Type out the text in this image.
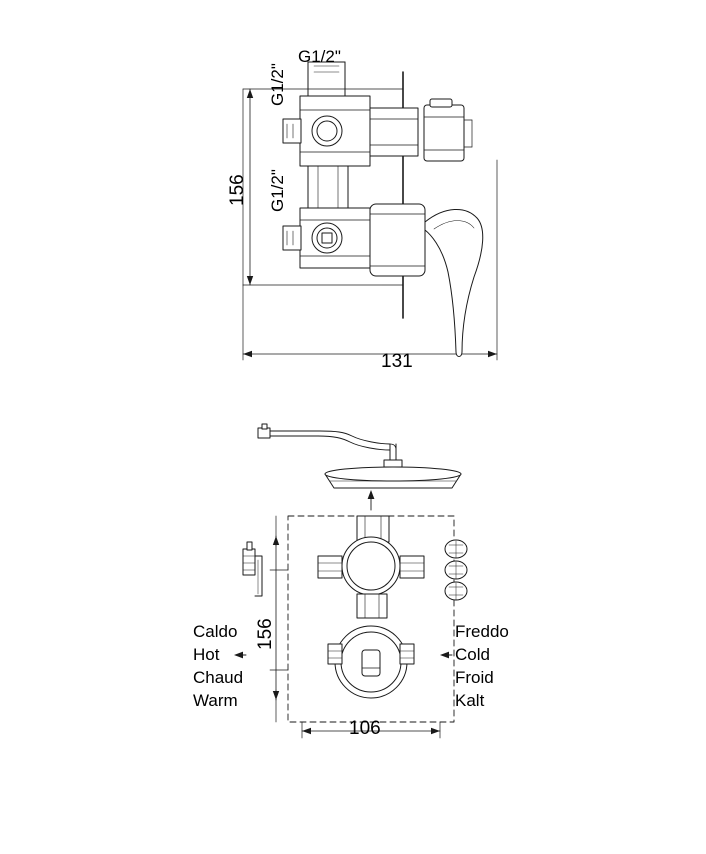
G1/2"
G1/2"
G1/2"
156
131
156
106
Caldo
Hot
Chaud
Warm
Freddo
Cold
Froid
Kalt
